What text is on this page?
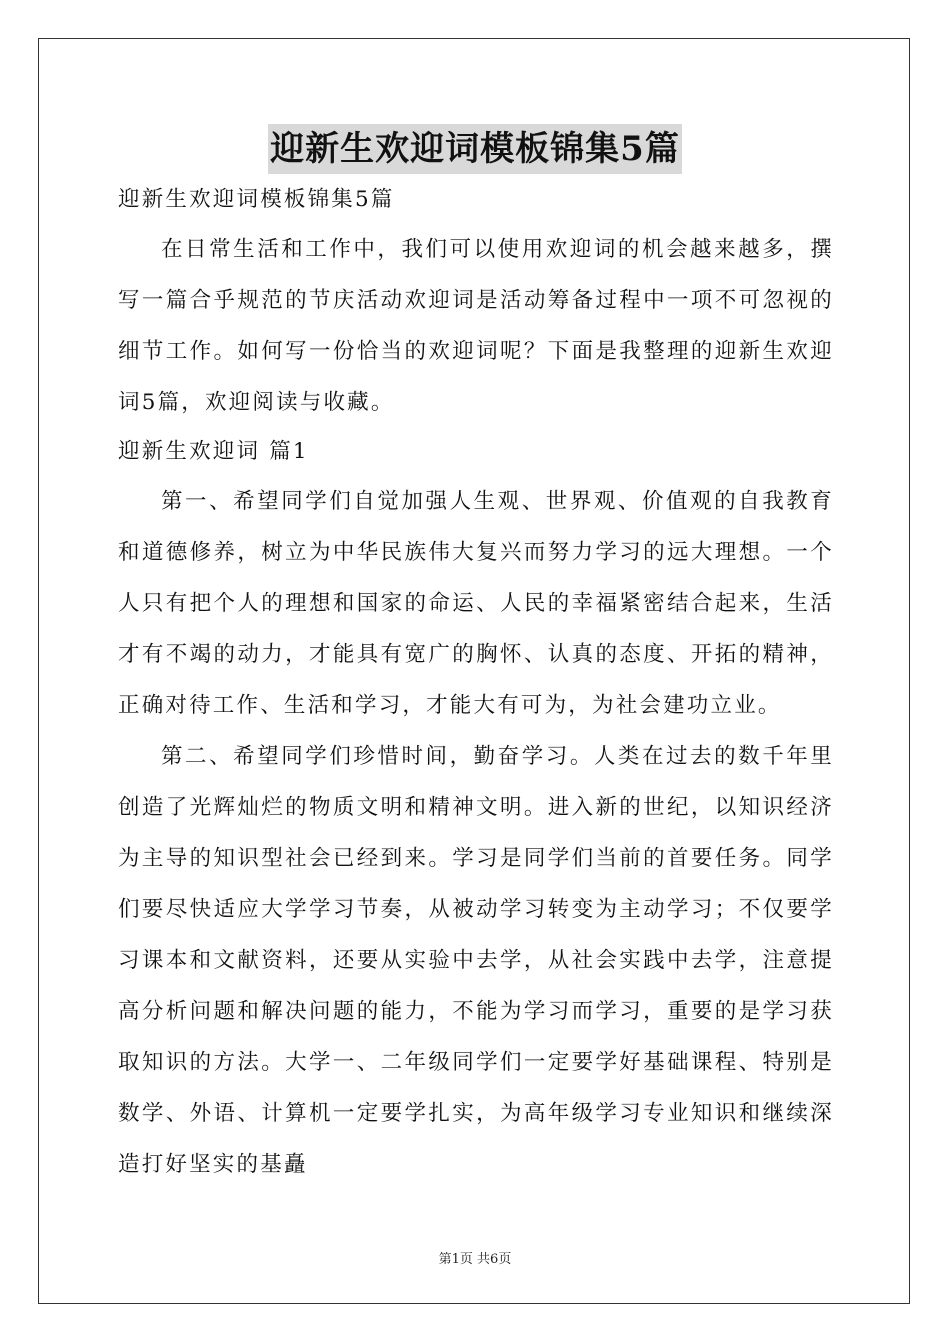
迎新生欢迎词模板锦集5篇

迎新生欢迎词模板锦集5篇

在日常生活和工作中，我们可以使用欢迎词的机会越来越多，撰写一篇合乎规范的节庆活动欢迎词是活动筹备过程中一项不可忽视的细节工作。如何写一份恰当的欢迎词呢？下面是我整理的迎新生欢迎词5篇，欢迎阅读与收藏。

迎新生欢迎词 篇1

第一、希望同学们自觉加强人生观、世界观、价值观的自我教育和道德修养，树立为中华民族伟大复兴而努力学习的远大理想。一个人只有把个人的理想和国家的命运、人民的幸福紧密结合起来，生活才有不竭的动力，才能具有宽广的胸怀、认真的态度、开拓的精神，正确对待工作、生活和学习，才能大有可为，为社会建功立业。

第二、希望同学们珍惜时间，勤奋学习。人类在过去的数千年里创造了光辉灿烂的物质文明和精神文明。进入新的世纪，以知识经济为主导的知识型社会已经到来。学习是同学们当前的首要任务。同学们要尽快适应大学学习节奏，从被动学习转变为主动学习；不仅要学习课本和文献资料，还要从实验中去学，从社会实践中去学，注意提高分析问题和解决问题的能力，不能为学习而学习，重要的是学习获取知识的方法。大学一、二年级同学们一定要学好基础课程、特别是数学、外语、计算机一定要学扎实，为高年级学习专业知识和继续深造打好坚实的基矗

第1页 共6页
